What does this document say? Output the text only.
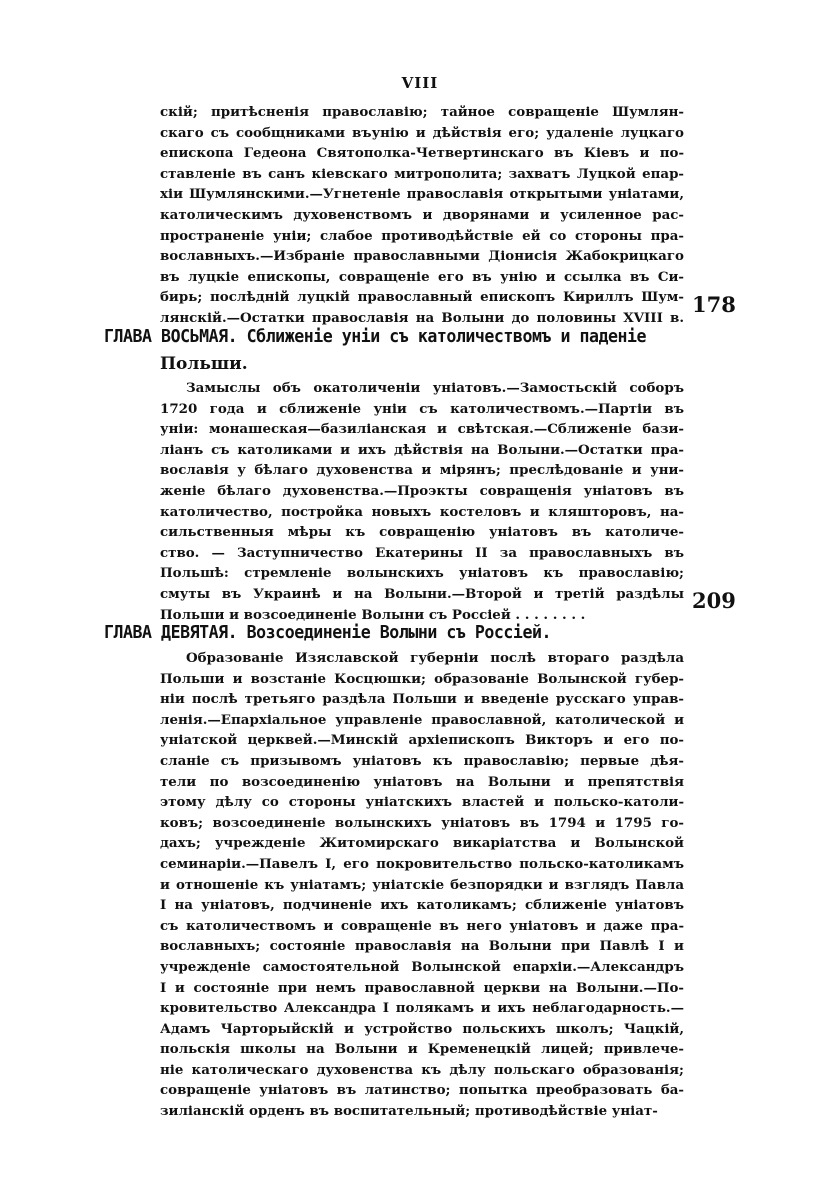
VIII
скій; притѣсненія православію; тайное совращеніе Шумлян-
скаго съ сообщниками въунію и дѣйствія его; удаленіе луцкаго
епископа Гедеона Святополка-Четвертинскаго въ Кіевъ и по-
ставленіе въ санъ кіевскаго митрополита; захватъ Луцкой епар-
хіи Шумлянскими.—Угнетеніе православія открытыми уніатами,
католическимъ духовенствомъ и дворянами и усиленное рас-
пространеніе уніи; слабое противодѣйствіе ей со стороны пра-
вославныхъ.—Избраніе православными Діонисія Жабокрицкаго
въ луцкіе епископы, совращеніе его въ унію и ссылка въ Си-
бирь; послѣдній луцкій православный епископъ Кириллъ Шум-
лянскій.—Остатки православія на Волыни до половины XVIII в.
178
ГЛАВА ВОСЬМАЯ. Сближеніе уніи съ католичествомъ и паденіе
Польши.
Замыслы объ окатоличеніи уніатовъ.—Замостьскій соборъ
1720 года и сближеніе уніи съ католичествомъ.—Партіи въ
уніи: монашеская—базиліанская и свѣтская.—Сближеніе бази-
ліанъ съ католиками и ихъ дѣйствія на Волыни.—Остатки пра-
вославія у бѣлаго духовенства и мірянъ; преслѣдованіе и уни-
женіе бѣлаго духовенства.—Проэкты совращенія уніатовъ въ
католичество, постройка новыхъ костеловъ и кляшторовъ, на-
сильственныя мѣры къ совращенію уніатовъ въ католиче-
ство. — Заступничество Екатерины II за православныхъ въ
Польшѣ: стремленіе волынскихъ уніатовъ къ православію;
смуты въ Украинѣ и на Волыни.—Второй и третій раздѣлы
Польши и возсоединеніе Волыни съ Россіей . . . . . . . .
209
ГЛАВА ДЕВЯТАЯ. Возсоединеніе Волыни съ Россіей.
Образованіе Изяславской губерніи послѣ втораго раздѣла
Польши и возстаніе Косцюшки; образованіе Волынской губер-
ніи послѣ третьяго раздѣла Польши и введеніе русскаго управ-
ленія.—Епархіальное управленіе православной, католической и
уніатской церквей.—Минскій архіепископъ Викторъ и его по-
сланіе съ призывомъ уніатовъ къ православію; первые дѣя-
тели по возсоединенію уніатовъ на Волыни и препятствія
этому дѣлу со стороны уніатскихъ властей и польско-католи-
ковъ; возсоединеніе волынскихъ уніатовъ въ 1794 и 1795 го-
дахъ; учрежденіе Житомирскаго викаріатства и Волынской
семинаріи.—Павелъ I, его покровительство польско-католикамъ
и отношеніе къ уніатамъ; уніатскіе безпорядки и взглядъ Павла
I на уніатовъ, подчиненіе ихъ католикамъ; сближеніе уніатовъ
съ католичествомъ и совращеніе въ него уніатовъ и даже пра-
вославныхъ; состояніе православія на Волыни при Павлѣ I и
учрежденіе самостоятельной Волынской епархіи.—Александръ
I и состояніе при немъ православной церкви на Волыни.—По-
кровительство Александра I полякамъ и ихъ неблагодарность.—
Адамъ Чарторыйскій и устройство польскихъ школъ; Чацкій,
польскія школы на Волыни и Кременецкій лицей; привлече-
ніе католическаго духовенства къ дѣлу польскаго образованія;
совращеніе уніатовъ въ латинство; попытка преобразовать ба-
зиліанскій орденъ въ воспитательный; противодѣйствіе уніат-
